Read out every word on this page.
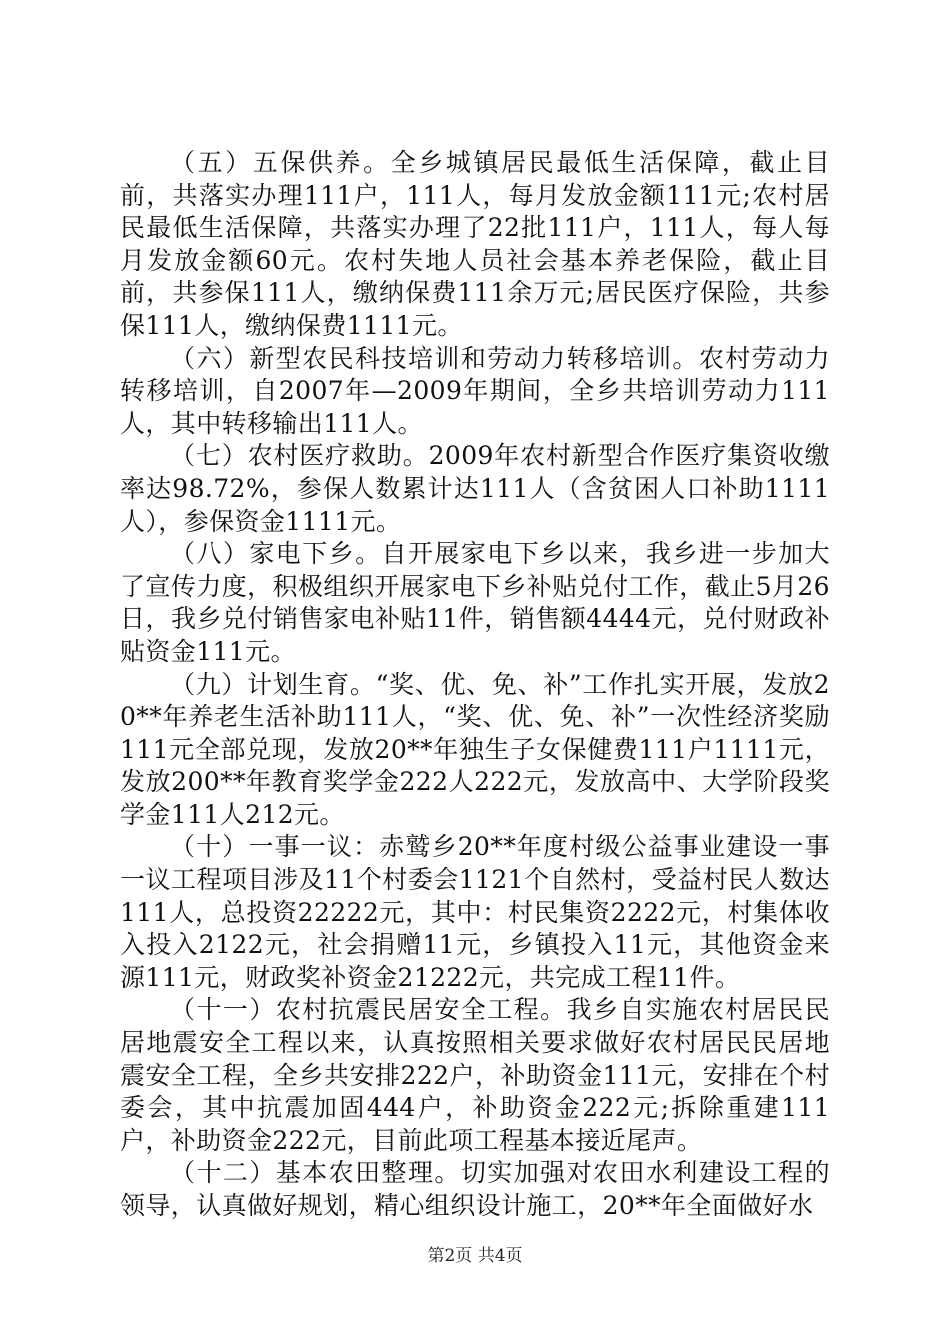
（五）五保供养。全乡城镇居民最低生活保障，截止目前，共落实办理111户，111人，每月发放金额111元;农村居民最低生活保障，共落实办理了22批111户，111人，每人每月发放金额60元。农村失地人员社会基本养老保险，截止目前，共参保111人，缴纳保费111余万元;居民医疗保险，共参保111人，缴纳保费1111元。

（六）新型农民科技培训和劳动力转移培训。农村劳动力转移培训，自2007年—2009年期间，全乡共培训劳动力111人，其中转移输出111人。

（七）农村医疗救助。2009年农村新型合作医疗集资收缴率达98.72%，参保人数累计达111人（含贫困人口补助1111人），参保资金1111元。

（八）家电下乡。自开展家电下乡以来，我乡进一步加大了宣传力度，积极组织开展家电下乡补贴兑付工作，截止5月26日，我乡兑付销售家电补贴11件，销售额4444元，兑付财政补贴资金111元。

（九）计划生育。“奖、优、免、补”工作扎实开展，发放20**年养老生活补助111人，“奖、优、免、补”一次性经济奖励111元全部兑现，发放20**年独生子女保健费111户1111元，发放200**年教育奖学金222人222元，发放高中、大学阶段奖学金111人212元。

（十）一事一议：赤鹫乡20**年度村级公益事业建设一事一议工程项目涉及11个村委会1121个自然村，受益村民人数达111人，总投资22222元，其中：村民集资2222元，村集体收入投入2122元，社会捐赠11元，乡镇投入11元，其他资金来源111元，财政奖补资金21222元，共完成工程11件。

（十一）农村抗震民居安全工程。我乡自实施农村居民民居地震安全工程以来，认真按照相关要求做好农村居民民居地震安全工程，全乡共安排222户，补助资金111元，安排在个村委会，其中抗震加固444户，补助资金222元;拆除重建111户，补助资金222元，目前此项工程基本接近尾声。

（十二）基本农田整理。切实加强对农田水利建设工程的领导，认真做好规划，精心组织设计施工，20**年全面做好水

第2页 共4页
